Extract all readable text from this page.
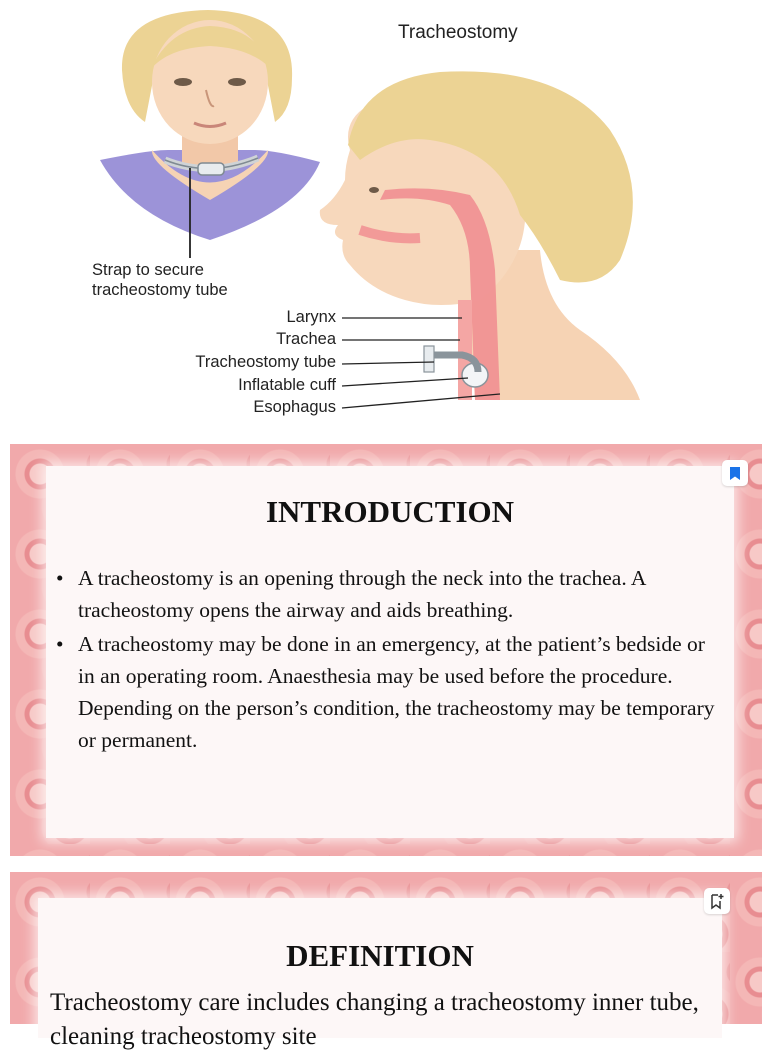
Tracheostomy
Strap to secure
tracheostomy tube
Larynx
Trachea
Tracheostomy tube
Inflatable cuff
Esophagus
INTRODUCTION
• A tracheostomy is an opening through the neck into the trachea. A tracheostomy opens the airway and aids breathing.
• A tracheostomy may be done in an emergency, at the patient’s bedside or in an operating room. Anaesthesia may be used before the procedure. Depending on the person’s condition, the tracheostomy may be temporary or permanent.
DEFINITION
Tracheostomy care includes changing a tracheostomy inner tube, cleaning tracheostomy site
